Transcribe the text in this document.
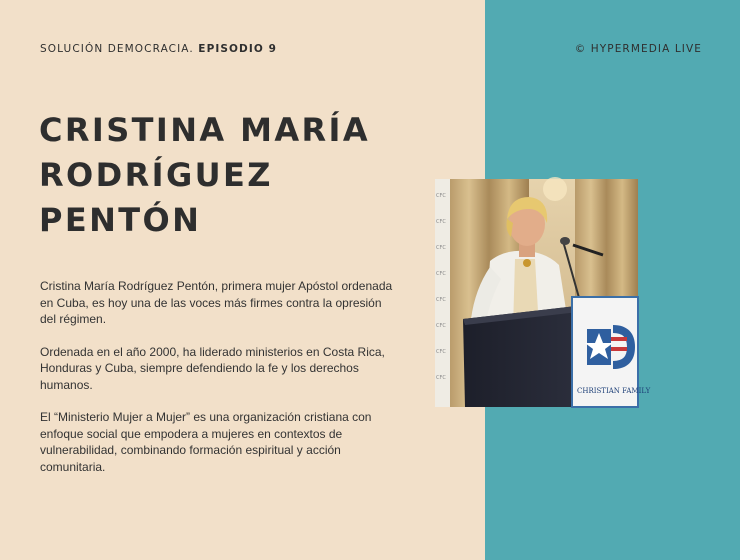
SOLUCIÓN DEMOCRACIA. EPISODIO 9	© HYPERMEDIA LIVE
CRISTINA MARÍA
RODRÍGUEZ
PENTÓN

Cristina María Rodríguez Pentón, primera mujer Apóstol ordenada en Cuba, es hoy una de las voces más firmes contra la opresión del régimen.

Ordenada en el año 2000, ha liderado ministerios en Costa Rica, Honduras y Cuba, siempre defendiendo la fe y los derechos humanos.

El “Ministerio Mujer a Mujer” es una organización cristiana con enfoque social que empodera a mujeres en contextos de vulnerabilidad, combinando formación espiritual y acción comunitaria.

CFC
CFC
CFC
CFC
CFC
CFC
CFC
CFC
CHRISTIAN FAMILY
